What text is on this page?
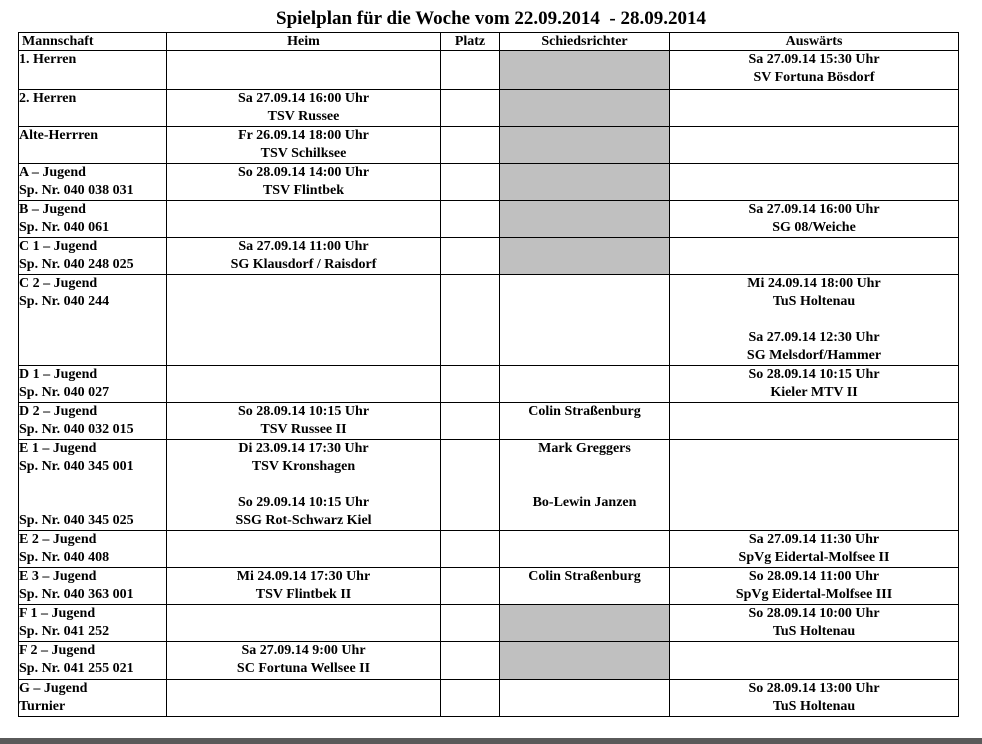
Spielplan für die Woche vom 22.09.2014  - 28.09.2014
Mannschaft	Heim	Platz	Schiedsrichter	Auswärts

1. Herren				Sa 27.09.14 15:30 Uhr
SV Fortuna Bösdorf

2. Herren	Sa 27.09.14 16:00 Uhr
TSV Russee			

Alte-Herrren	Fr 26.09.14 18:00 Uhr
TSV Schilksee			

A – Jugend
Sp. Nr. 040 038 031	So 28.09.14 14:00 Uhr
TSV Flintbek			

B – Jugend
Sp. Nr. 040 061				Sa 27.09.14 16:00 Uhr
SG 08/Weiche

C 1 – Jugend
Sp. Nr. 040 248 025	Sa 27.09.14 11:00 Uhr
SG Klausdorf / Raisdorf			

C 2 – Jugend
Sp. Nr. 040 244				Mi 24.09.14 18:00 Uhr
TuS Holtenau
Sa 27.09.14 12:30 Uhr
SG Melsdorf/Hammer

D 1 – Jugend
Sp. Nr. 040 027				So 28.09.14 10:15 Uhr
Kieler MTV II

D 2 – Jugend
Sp. Nr. 040 032 015	So 28.09.14 10:15 Uhr
TSV Russee II		Colin Straßenburg	

E 1 – Jugend
Sp. Nr. 040 345 001
Sp. Nr. 040 345 025	Di 23.09.14 17:30 Uhr
TSV Kronshagen
So 29.09.14 10:15 Uhr
SSG Rot-Schwarz Kiel		Mark Greggers
Bo-Lewin Janzen	

E 2 – Jugend
Sp. Nr. 040 408				Sa 27.09.14 11:30 Uhr
SpVg Eidertal-Molfsee II

E 3 – Jugend
Sp. Nr. 040 363 001	Mi 24.09.14 17:30 Uhr
TSV Flintbek II		Colin Straßenburg	So 28.09.14 11:00 Uhr
SpVg Eidertal-Molfsee III

F 1 – Jugend
Sp. Nr. 041 252				So 28.09.14 10:00 Uhr
TuS Holtenau

F 2 – Jugend
Sp. Nr. 041 255 021	Sa 27.09.14 9:00 Uhr
SC Fortuna Wellsee II			

G – Jugend
Turnier				So 28.09.14 13:00 Uhr
TuS Holtenau
